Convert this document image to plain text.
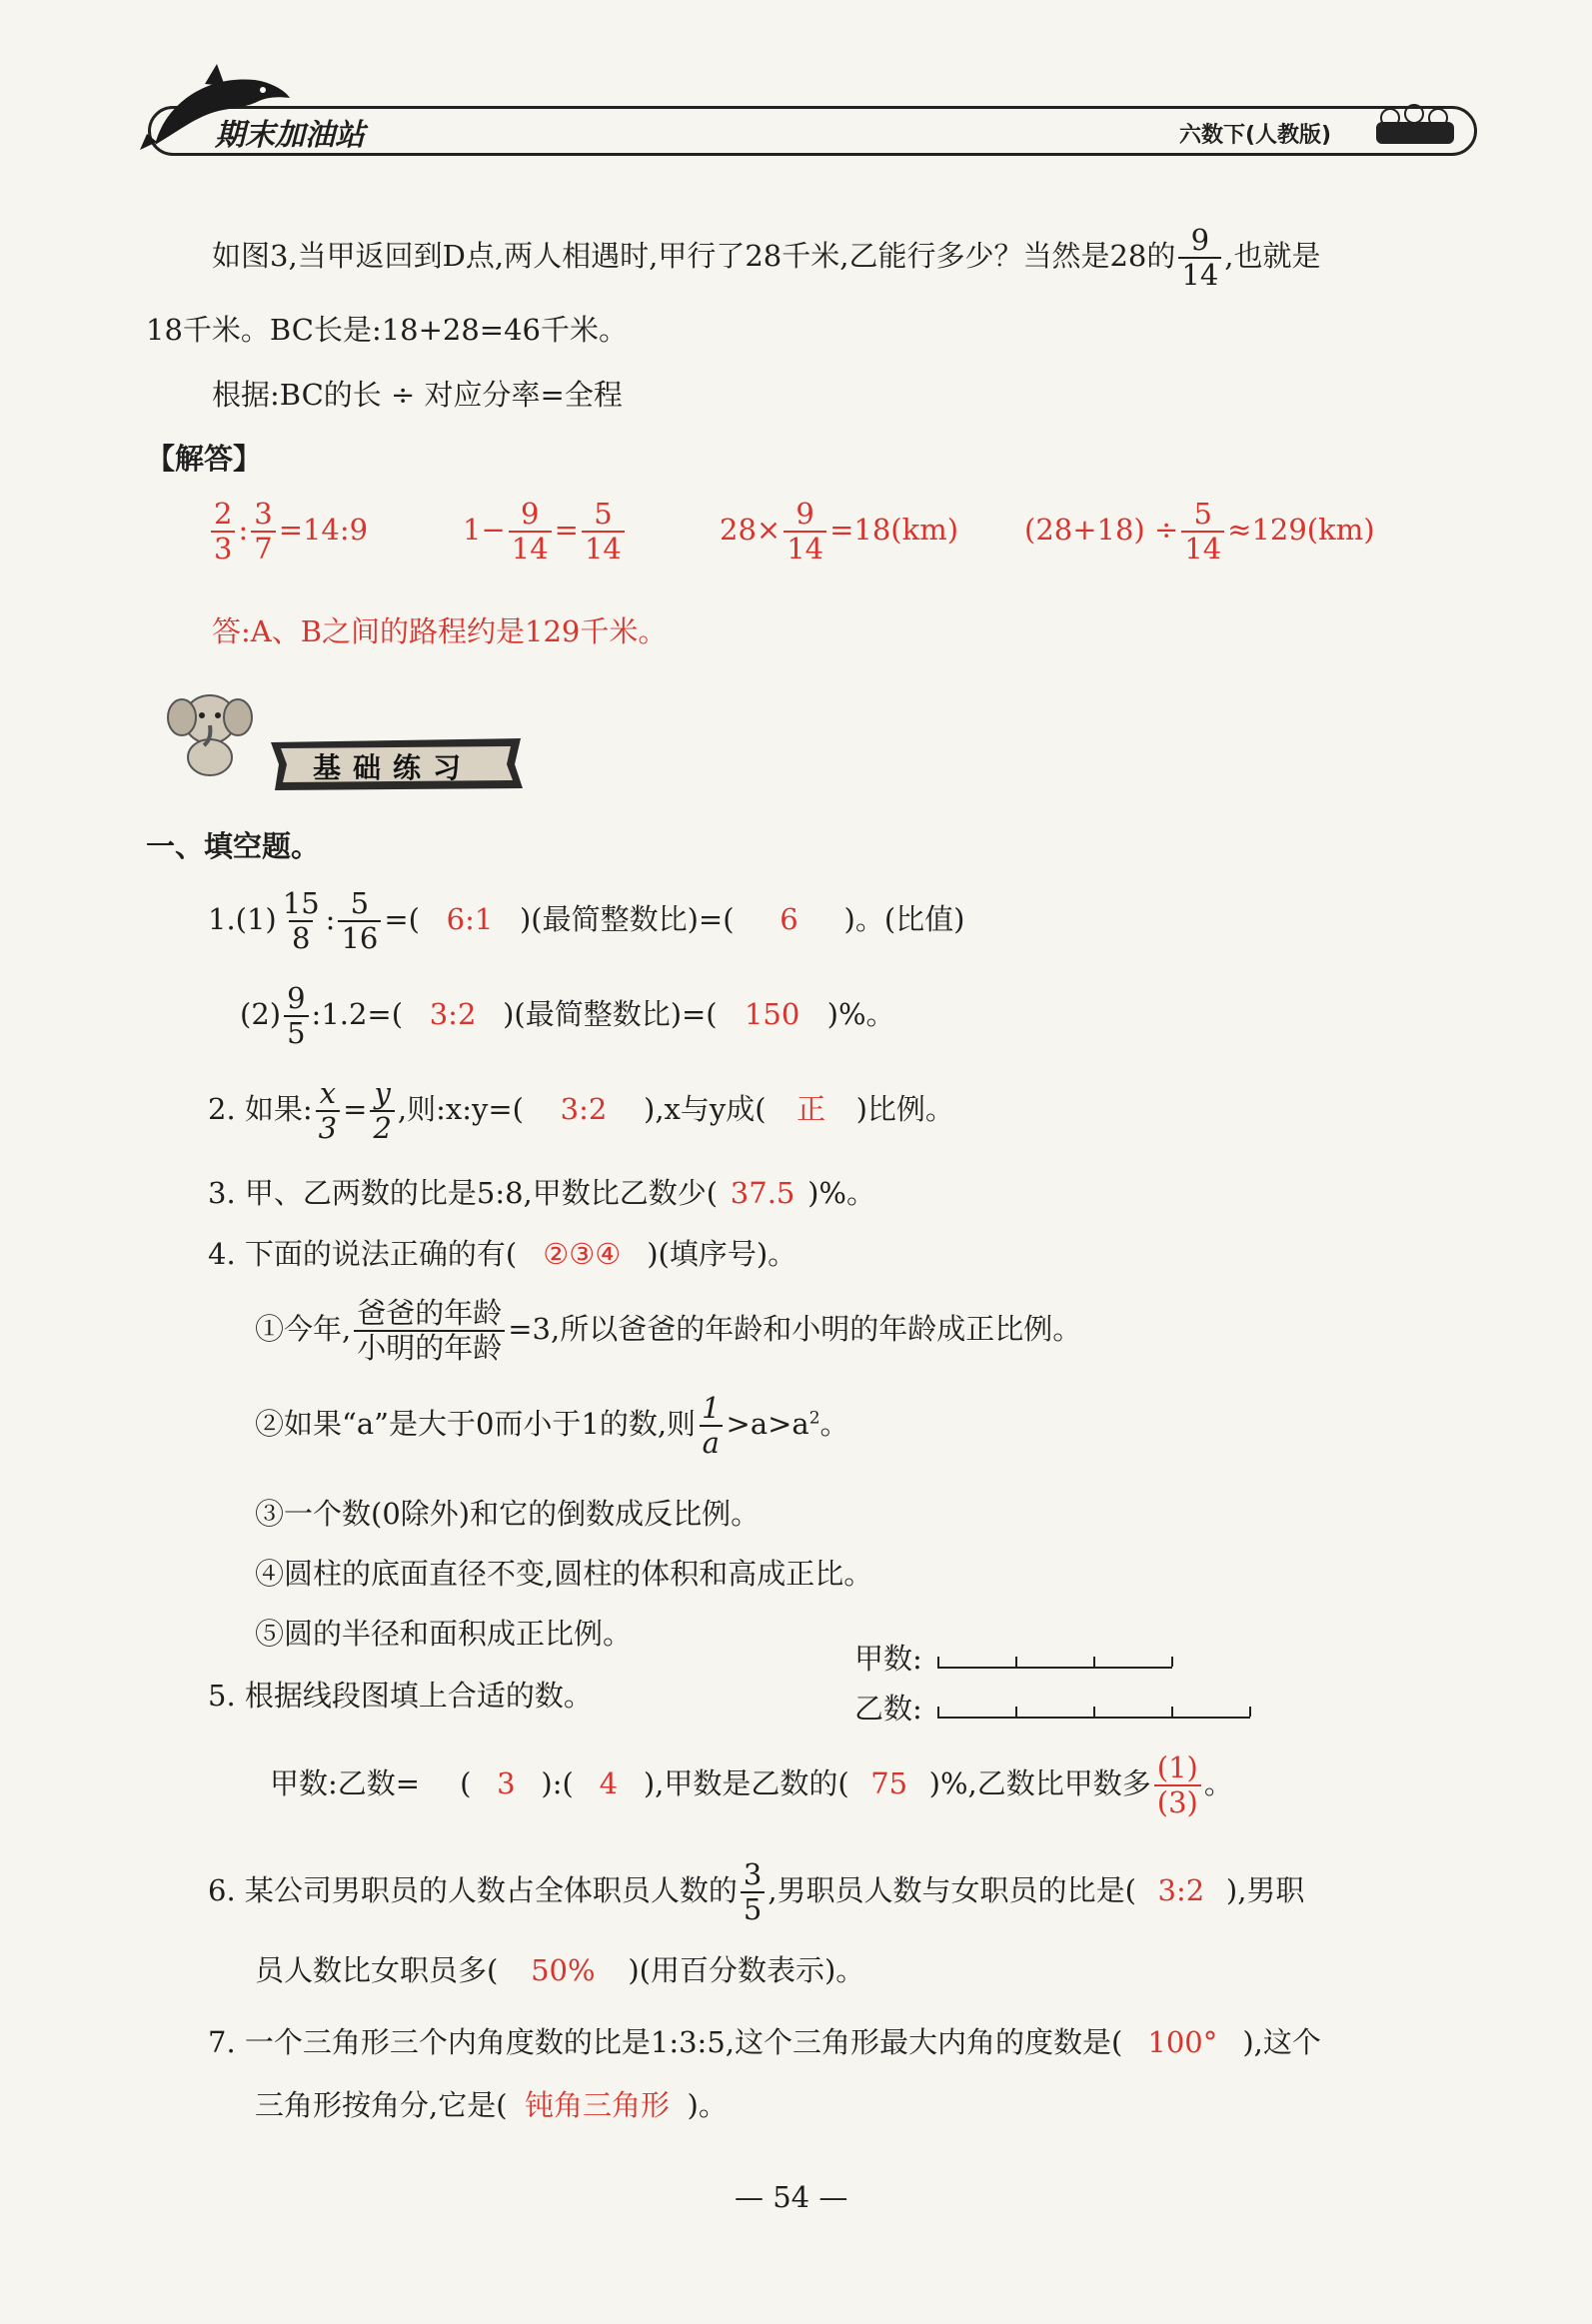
期末加油站	六数下(人教版)
如图3,当甲返回到D点,两人相遇时,甲行了28千米,乙能行多少？当然是28的 $\frac{9}{14}$ ,也就是
18千米。BC长是:18+28=46千米。
根据:BC的长 ÷ 对应分率=全程
【解答】
$\frac{2}{3}$ : $\frac{3}{7}$ =14:9	$1- \frac{9}{14} = \frac{5}{14}$	$28\times \frac{9}{14} =18(km) (28+18) \div \frac{5}{14} \approx 129(km)$
答:A、B之间的路程约是129千米。
基础练习
一、填空题。
$1.(1) \frac{15}{8}$ : $\frac{5}{16}$ =( 6:1 )(最简整数比)=( 6 )。(比值)
$(2) \frac{9}{5}$ :1.2=( 3:2 )(最简整数比)=( 150 )%。
2. 如果: $\frac{x}{3} = \frac{y}{2}$ ,则:x:y=( 3:2 ),x与y成( 正 )比例。
3. 甲、乙两数的比是5:8,甲数比乙数少( 37.5 )%。
4. 下面的说法正确的有( ②③④ )(填序号)。
①今年, $\frac{\text{爸爸的年龄}}{\text{小明的年龄}} =3$,所以爸爸的年龄和小明的年龄成正比例。
②如果“a”是大于0而小于1的数,则 $\frac{1}{a} >a>a^2$。
③一个数(0除外)和它的倒数成反比例。
④圆柱的底面直径不变,圆柱的体积和高成正比。
⑤圆的半径和面积成正比例。
甲数:
乙数:
5. 根据线段图填上合适的数。
甲数:乙数= ( 3 ):( 4 ),甲数是乙数的( 75 )%,乙数比甲数多 $\frac{(1)}{(3)}$ 。
6. 某公司男职员的人数占全体职员人数的 $\frac{3}{5}$ ,男职员人数与女职员的比是( 3:2 ),男职
员人数比女职员多( 50% )(用百分数表示)。
7. 一个三角形三个内角度数的比是1:3:5,这个三角形最大内角的度数是( 100° ),这个
三角形按角分,它是( 钝角三角形 )。
— 54 —
